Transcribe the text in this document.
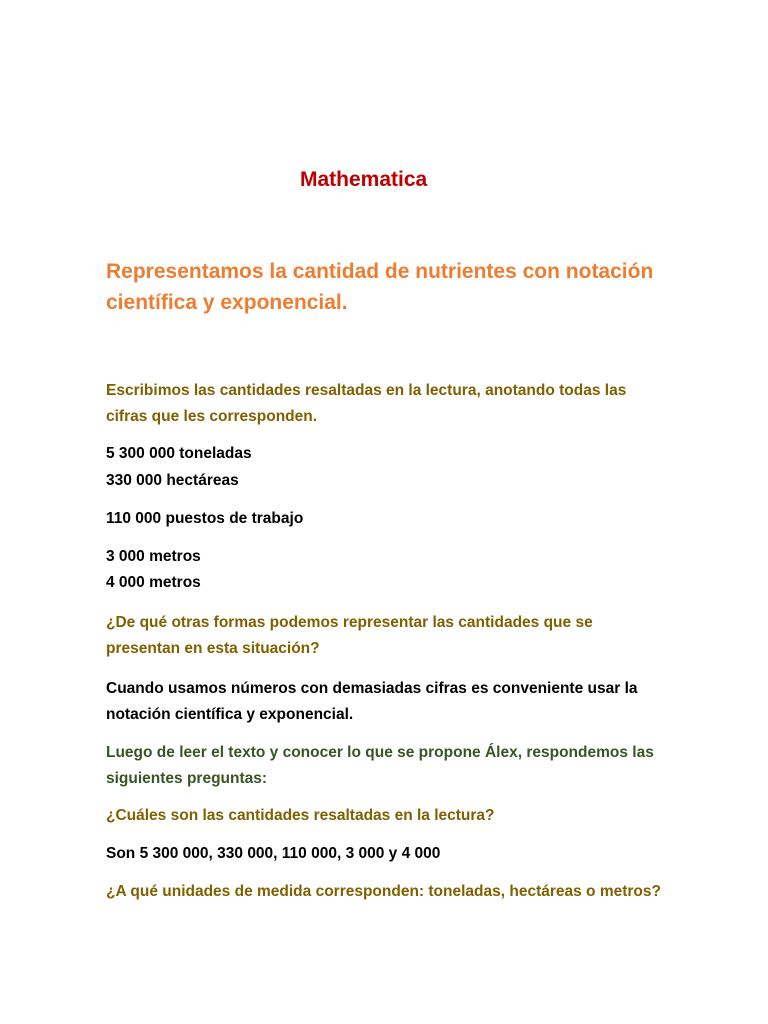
Mathematica
Representamos la cantidad de nutrientes con notación científica y exponencial.

Escribimos las cantidades resaltadas en la lectura, anotando todas las cifras que les corresponden.

5 300 000 toneladas

330 000 hectáreas

110 000 puestos de trabajo

3 000 metros

4 000 metros

¿De qué otras formas podemos representar las cantidades que se presentan en esta situación?

Cuando usamos números con demasiadas cifras es conveniente usar la notación científica y exponencial.

Luego de leer el texto y conocer lo que se propone Álex, respondemos las siguientes preguntas:

¿Cuáles son las cantidades resaltadas en la lectura?

Son 5 300 000, 330 000, 110 000, 3 000 y 4 000

¿A qué unidades de medida corresponden: toneladas, hectáreas o metros?
